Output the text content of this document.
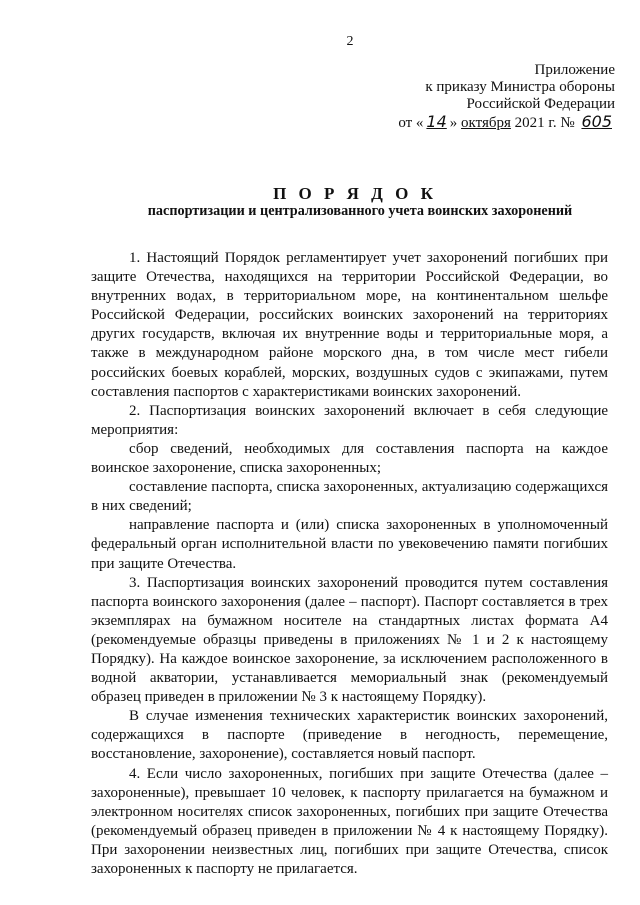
2
Приложение
к приказу Министра обороны
Российской Федерации
от « 14 » октября 2021 г. № 605
П О Р Я Д О К
паспортизации и централизованного учета воинских захоронений

1. Настоящий Порядок регламентирует учет захоронений погибших при защите Отечества, находящихся на территории Российской Федерации, во внутренних водах, в территориальном море, на континентальном шельфе Российской Федерации, российских воинских захоронений на территориях других государств, включая их внутренние воды и территориальные моря, а также в международном районе морского дна, в том числе мест гибели российских боевых кораблей, морских, воздушных судов с экипажами, путем составления паспортов с характеристиками воинских захоронений.

2. Паспортизация воинских захоронений включает в себя следующие мероприятия:

сбор сведений, необходимых для составления паспорта на каждое воинское захоронение, списка захороненных;

составление паспорта, списка захороненных, актуализацию содержащихся в них сведений;

направление паспорта и (или) списка захороненных в уполномоченный федеральный орган исполнительной власти по увековечению памяти погибших при защите Отечества.

3. Паспортизация воинских захоронений проводится путем составления паспорта воинского захоронения (далее – паспорт). Паспорт составляется в трех экземплярах на бумажном носителе на стандартных листах формата А4 (рекомендуемые образцы приведены в приложениях № 1 и 2 к настоящему Порядку). На каждое воинское захоронение, за исключением расположенного в водной акватории, устанавливается мемориальный знак (рекомендуемый образец приведен в приложении № 3 к настоящему Порядку).

В случае изменения технических характеристик воинских захоронений, содержащихся в паспорте (приведение в негодность, перемещение, восстановление, захоронение), составляется новый паспорт.

4. Если число захороненных, погибших при защите Отечества (далее – захороненные), превышает 10 человек, к паспорту прилагается на бумажном и электронном носителях список захороненных, погибших при защите Отечества (рекомендуемый образец приведен в приложении № 4 к настоящему Порядку). При захоронении неизвестных лиц, погибших при защите Отечества, список захороненных к паспорту не прилагается.
